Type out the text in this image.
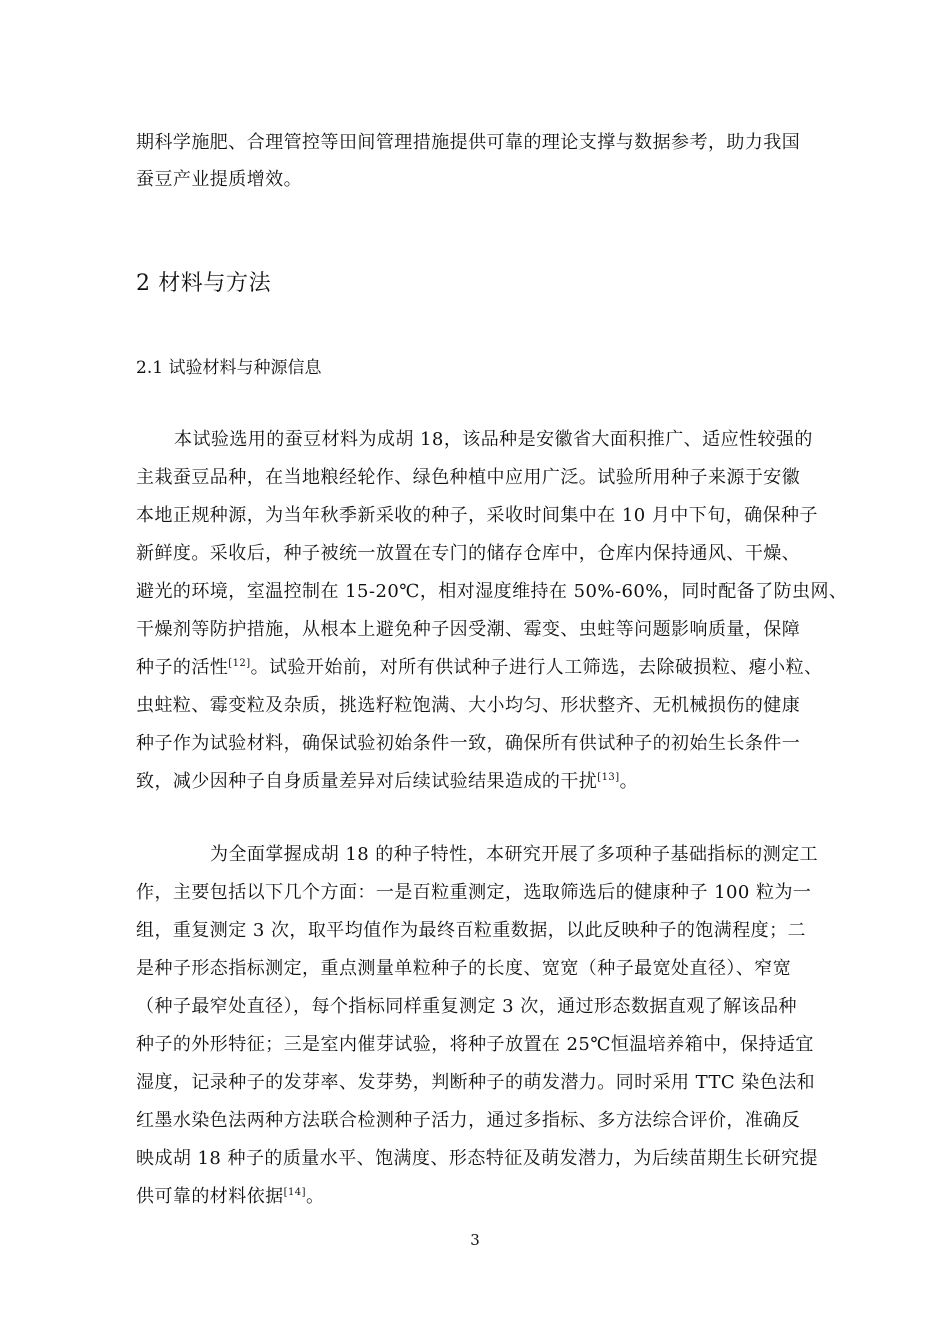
期科学施肥、合理管控等田间管理措施提供可靠的理论支撑与数据参考，助力我国
蚕豆产业提质增效。
2 材料与方法
2.1 试验材料与种源信息
本试验选用的蚕豆材料为成胡 18，该品种是安徽省大面积推广、适应性较强的
主栽蚕豆品种，在当地粮经轮作、绿色种植中应用广泛。试验所用种子来源于安徽
本地正规种源，为当年秋季新采收的种子，采收时间集中在 10 月中下旬，确保种子
新鲜度。采收后，种子被统一放置在专门的储存仓库中，仓库内保持通风、干燥、
避光的环境，室温控制在 15-20℃，相对湿度维持在 50%-60%，同时配备了防虫网、
干燥剂等防护措施，从根本上避免种子因受潮、霉变、虫蛀等问题影响质量，保障
种子的活性[12]。试验开始前，对所有供试种子进行人工筛选，去除破损粒、瘪小粒、
虫蛀粒、霉变粒及杂质，挑选籽粒饱满、大小均匀、形状整齐、无机械损伤的健康
种子作为试验材料，确保试验初始条件一致，确保所有供试种子的初始生长条件一
致，减少因种子自身质量差异对后续试验结果造成的干扰[13]。
为全面掌握成胡 18 的种子特性，本研究开展了多项种子基础指标的测定工
作，主要包括以下几个方面：一是百粒重测定，选取筛选后的健康种子 100 粒为一
组，重复测定 3 次，取平均值作为最终百粒重数据，以此反映种子的饱满程度；二
是种子形态指标测定，重点测量单粒种子的长度、宽宽（种子最宽处直径）、窄宽
（种子最窄处直径），每个指标同样重复测定 3 次，通过形态数据直观了解该品种
种子的外形特征；三是室内催芽试验，将种子放置在 25℃恒温培养箱中，保持适宜
湿度，记录种子的发芽率、发芽势，判断种子的萌发潜力。同时采用 TTC 染色法和
红墨水染色法两种方法联合检测种子活力，通过多指标、多方法综合评价，准确反
映成胡 18 种子的质量水平、饱满度、形态特征及萌发潜力，为后续苗期生长研究提
供可靠的材料依据[14]。
3
